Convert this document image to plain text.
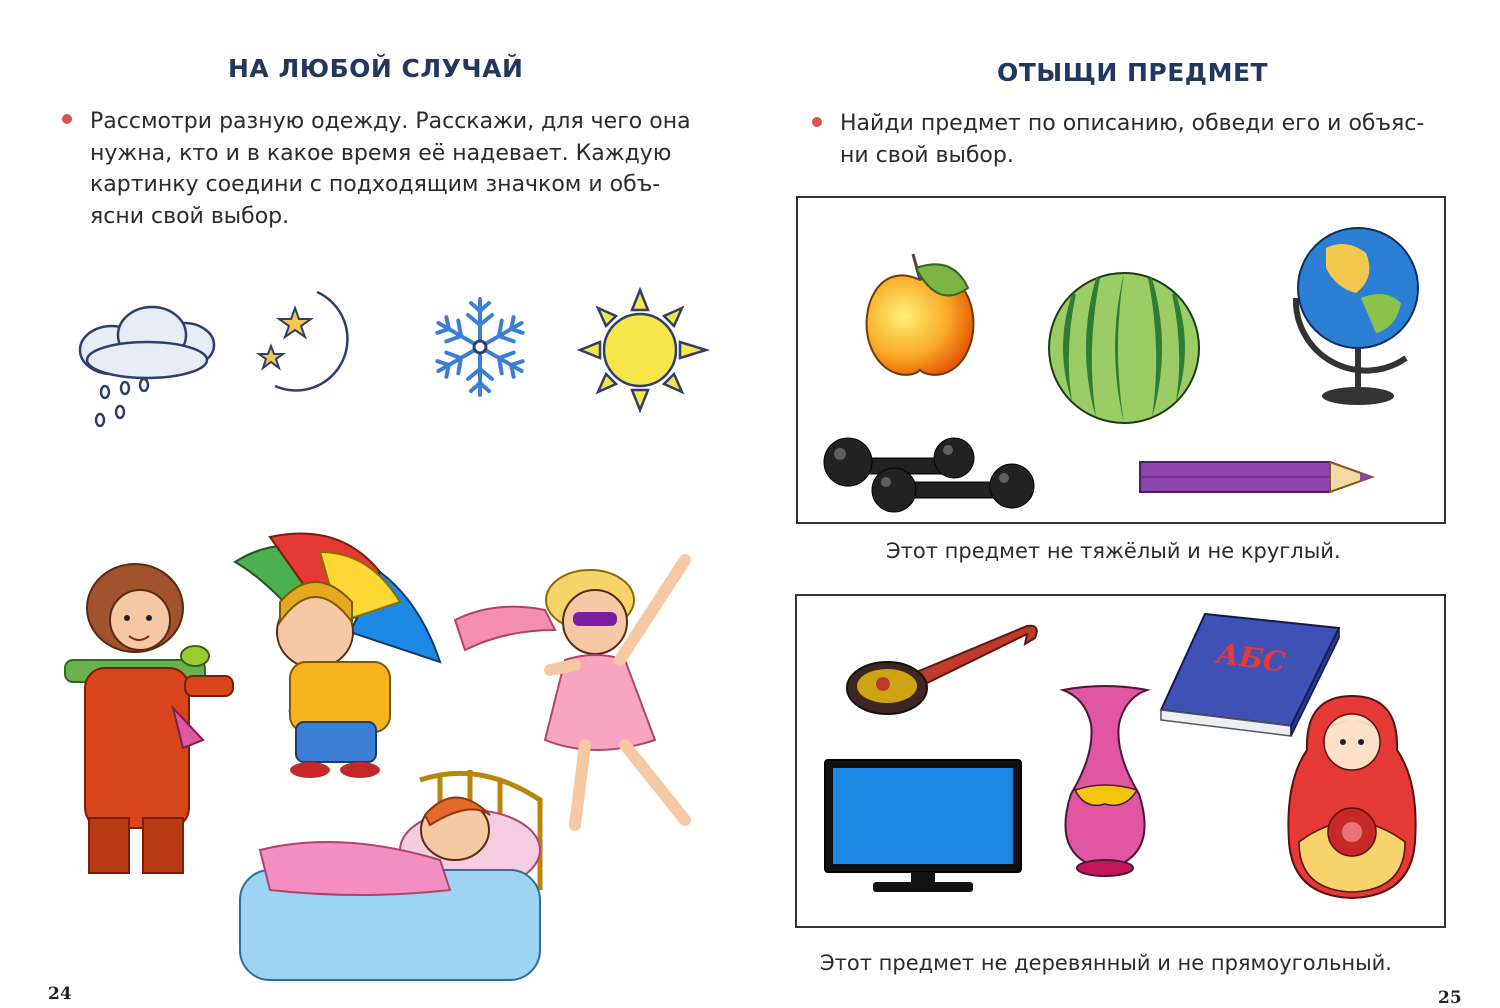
НА ЛЮБОЙ СЛУЧАЙ
Рассмотри разную одежду. Расскажи, для чего она
нужна, кто и в какое время её надевает. Каждую
картинку соедини с подходящим значком и объ-
ясни свой выбор.
24
ОТЫЩИ ПРЕДМЕТ
Найди предмет по описанию, обведи его и объяс-
ни свой выбор.
Этот предмет не тяжёлый и не круглый.
АБС
Этот предмет не деревянный и не прямоугольный.
25
